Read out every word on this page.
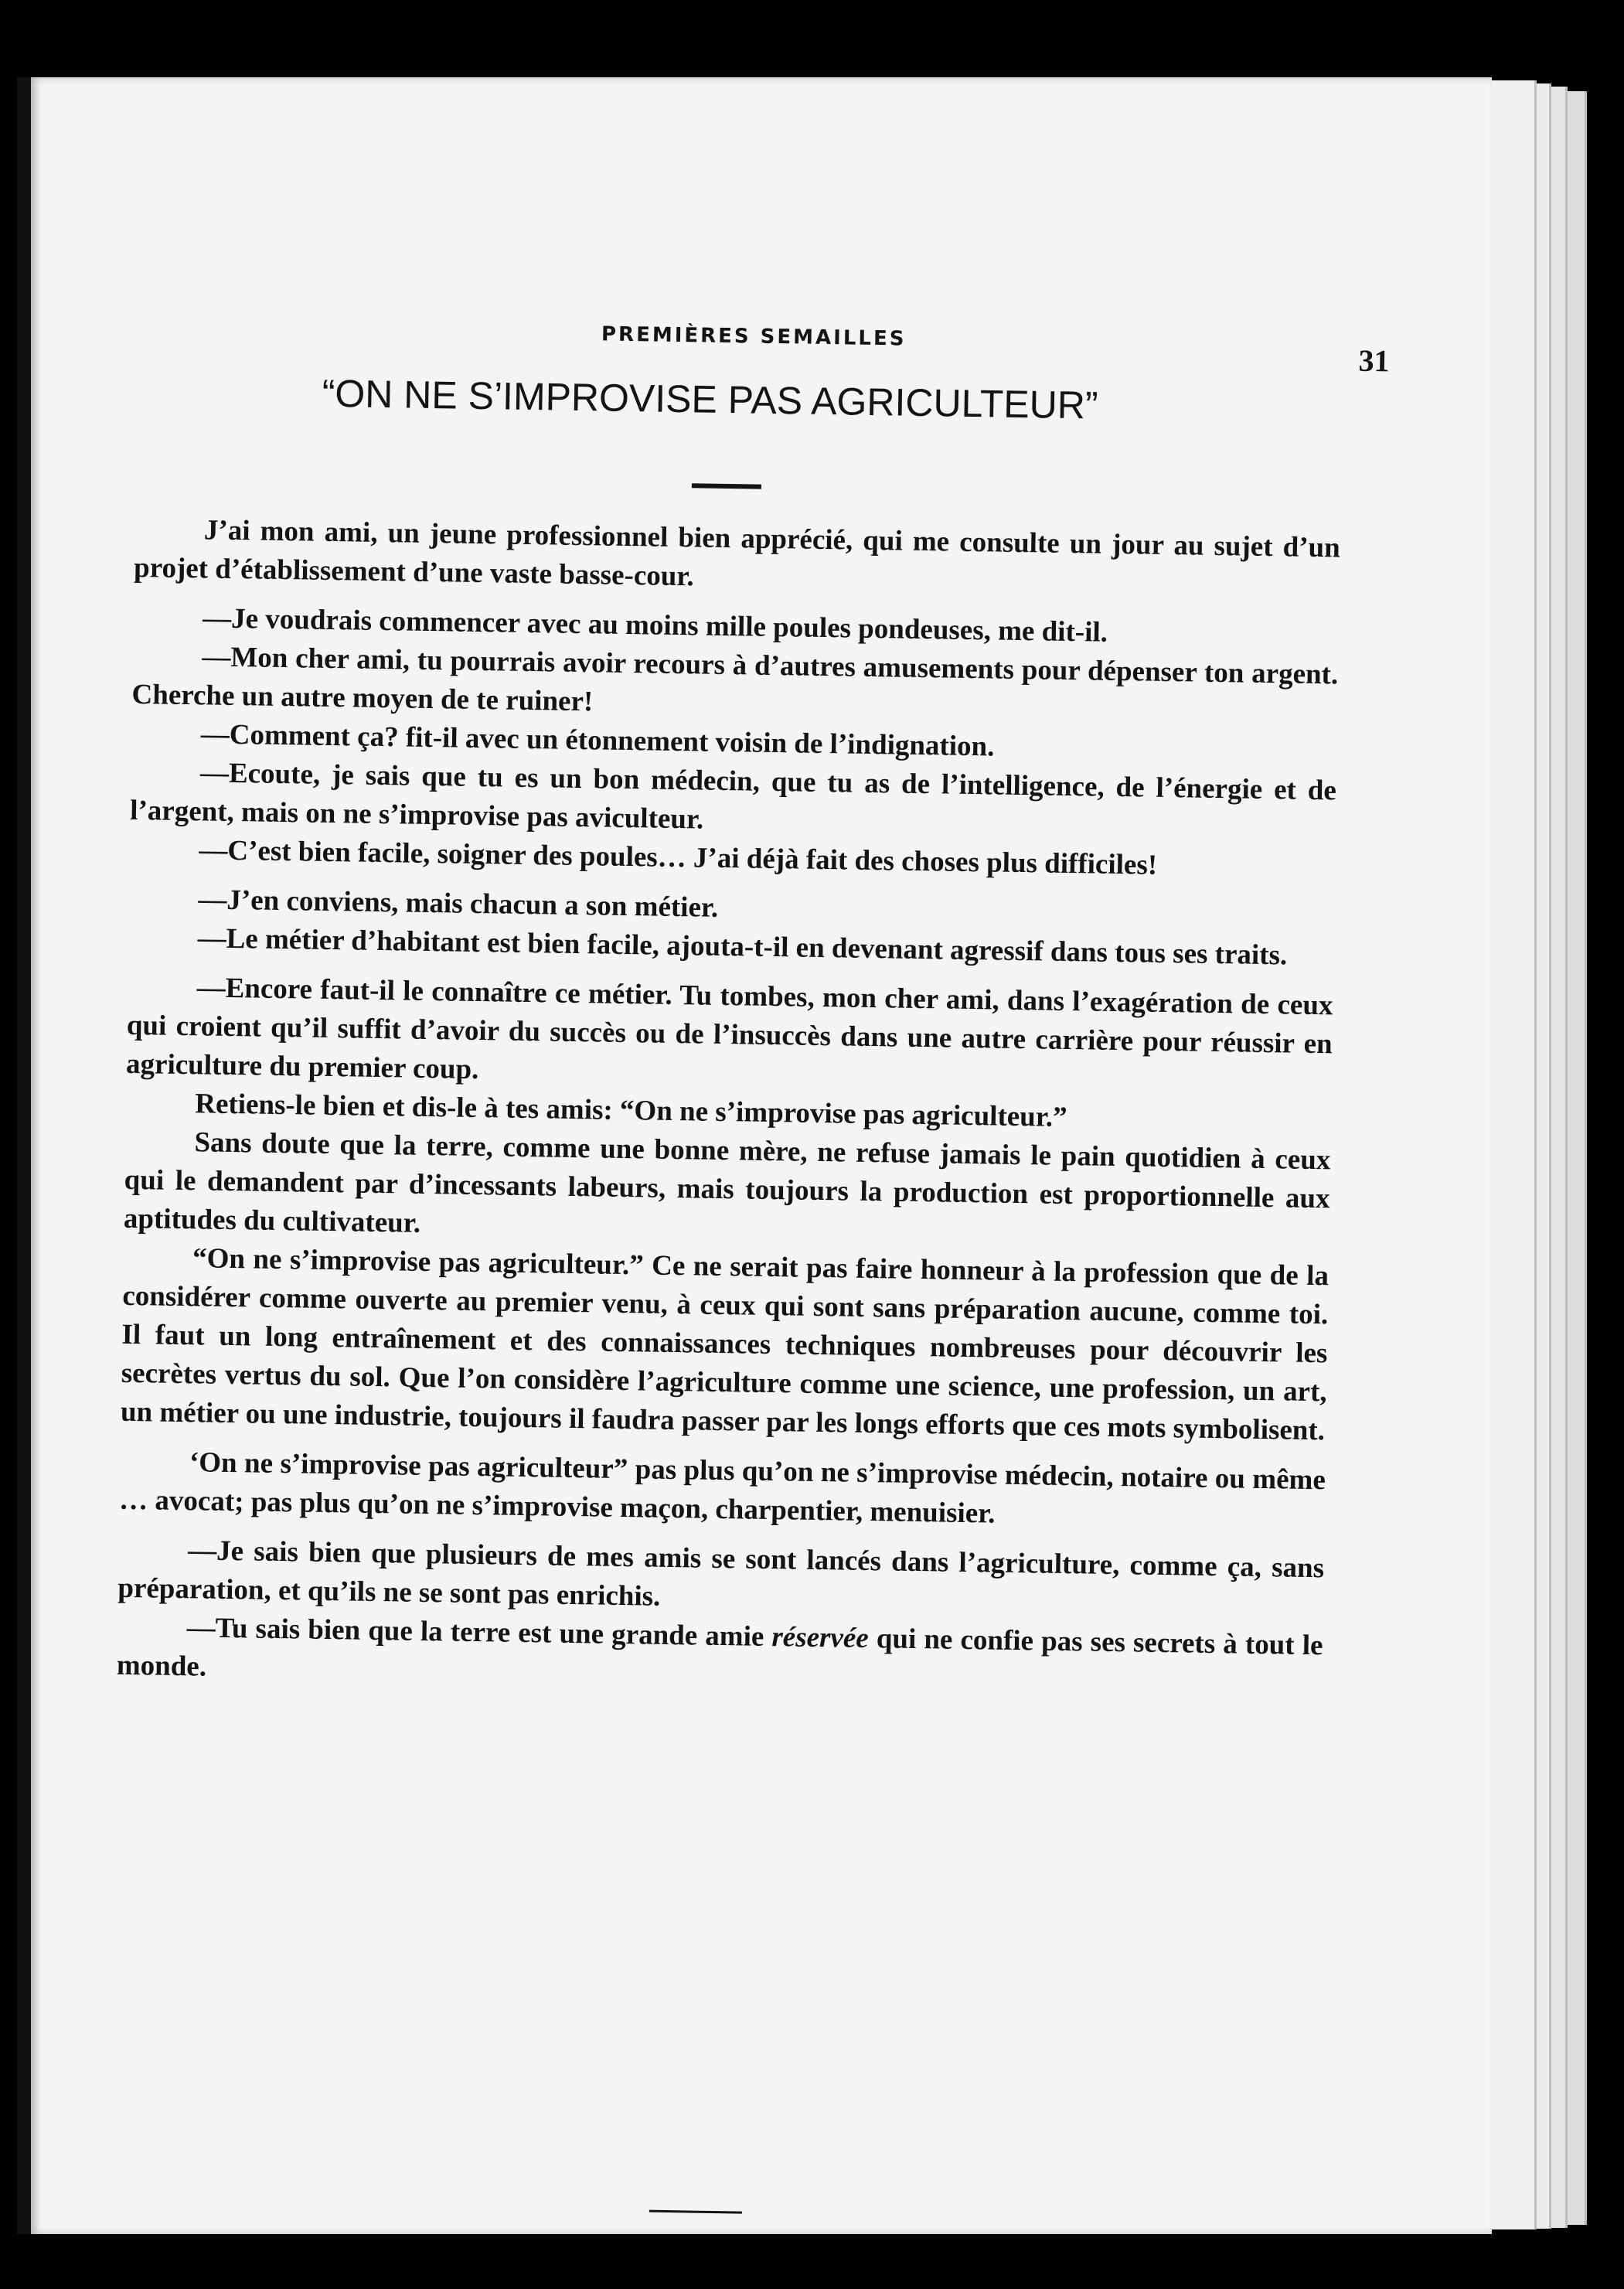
PREMIÈRES SEMAILLES
31
“ON NE S’IMPROVISE PAS AGRICULTEUR”

J’ai mon ami, un jeune professionnel bien apprécié, qui me consulte un jour au sujet d’un projet d’établissement d’une vaste basse-cour.

—Je voudrais commencer avec au moins mille poules pondeuses, me dit-il.

—Mon cher ami, tu pourrais avoir recours à d’autres amusements pour dépenser ton argent. Cherche un autre moyen de te ruiner!

—Comment ça? fit-il avec un étonnement voisin de l’indignation.

—Ecoute, je sais que tu es un bon médecin, que tu as de l’intelligence, de l’énergie et de l’argent, mais on ne s’improvise pas aviculteur.

—C’est bien facile, soigner des poules… J’ai déjà fait des choses plus difficiles!

—J’en conviens, mais chacun a son métier.

—Le métier d’habitant est bien facile, ajouta-t-il en devenant agressif dans tous ses traits.

—Encore faut-il le connaître ce métier. Tu tombes, mon cher ami, dans l’exagération de ceux qui croient qu’il suffit d’avoir du succès ou de l’insuccès dans une autre carrière pour réussir en agriculture du premier coup.

Retiens-le bien et dis-le à tes amis: “On ne s’improvise pas agriculteur.”

Sans doute que la terre, comme une bonne mère, ne refuse jamais le pain quotidien à ceux qui le demandent par d’incessants labeurs, mais toujours la production est proportionnelle aux aptitudes du cultivateur.

“On ne s’improvise pas agriculteur.” Ce ne serait pas faire honneur à la profession que de la considérer comme ouverte au premier venu, à ceux qui sont sans préparation aucune, comme toi. Il faut un long entraînement et des connaissances techniques nombreuses pour découvrir les secrètes vertus du sol. Que l’on considère l’agriculture comme une science, une profession, un art, un métier ou une industrie, toujours il faudra passer par les longs efforts que ces mots symbolisent.

‘On ne s’improvise pas agriculteur” pas plus qu’on ne s’improvise médecin, notaire ou même … avocat; pas plus qu’on ne s’improvise maçon, charpentier, menuisier.

—Je sais bien que plusieurs de mes amis se sont lancés dans l’agriculture, comme ça, sans préparation, et qu’ils ne se sont pas enrichis.

—Tu sais bien que la terre est une grande amie réservée qui ne confie pas ses secrets à tout le monde.
